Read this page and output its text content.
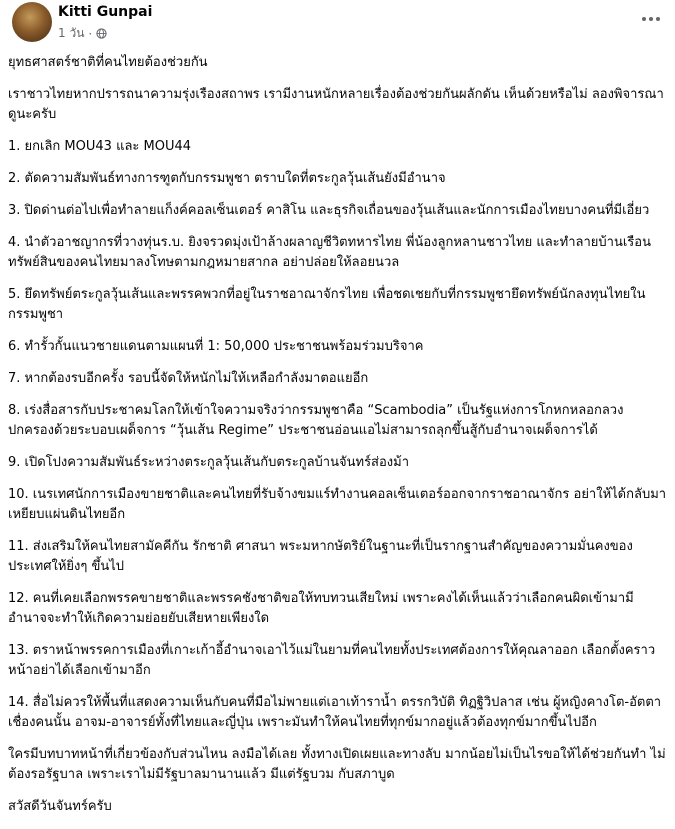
Kitti Gunpai
1 วัน ·

ยุทธศาสตร์ชาติที่คนไทยต้องช่วยกัน

เราชาวไทยหากปรารถนาความรุ่งเรืองสถาพร เรามีงานหนักหลายเรื่องต้องช่วยกันผลักดัน เห็นด้วยหรือไม่ ลองพิจารณาดูนะครับ

1. ยกเลิก MOU43 และ MOU44

2. ตัดความสัมพันธ์ทางการฑูตกับกรรมพูชา ตราบใดที่ตระกูลวุ้นเส้นยังมีอำนาจ

3. ปิดด่านต่อไปเพื่อทำลายแก็งค์คอลเซ็นเตอร์ คาสิโน และธุรกิจเถื่อนของวุ้นเส้นและนักการเมืองไทยบางคนที่มีเอี่ยว

4. นำตัวอาชญากรที่วางทุ่นร.บ. ยิงจรวดมุ่งเป้าล้างผลาญชีวิตทหารไทย พี่น้องลูกหลานชาวไทย และทำลายบ้านเรือนทรัพย์สินของคนไทยมาลงโทษตามกฎหมายสากล อย่าปล่อยให้ลอยนวล

5. ยึดทรัพย์ตระกูลวุ้นเส้นและพรรคพวกที่อยู่ในราชอาณาจักรไทย เพื่อชดเชยกับที่กรรมพูชายึดทรัพย์นักลงทุนไทยในกรรมพูชา

6. ทำรั้วกั้นแนวชายแดนตามแผนที่ 1: 50,000 ประชาชนพร้อมร่วมบริจาค

7. หากต้องรบอีกครั้ง รอบนี้จัดให้หนักไม่ให้เหลือกำลังมาตอแยอีก

8. เร่งสื่อสารกับประชาคมโลกให้เข้าใจความจริงว่ากรรมพูชาคือ “Scambodia” เป็นรัฐแห่งการโกหกหลอกลวง ปกครองด้วยระบอบเผด็จการ “วุ้นเส้น Regime” ประชาชนอ่อนแอไม่สามารถลุกขึ้นสู้กับอำนาจเผด็จการได้

9. เปิดโปงความสัมพันธ์ระหว่างตระกูลวุ้นเส้นกับตระกูลบ้านจันทร์ส่องม้า

10. เนรเทศนักการเมืองขายชาติและคนไทยที่รับจ้างขมแร์ทำงานคอลเซ็นเตอร์ออกจากราชอาณาจักร อย่าให้ได้กลับมาเหยียบแผ่นดินไทยอีก

11. ส่งเสริมให้คนไทยสามัคคีกัน รักชาติ ศาสนา พระมหากษัตริย์ในฐานะที่เป็นรากฐานสำคัญของความมั่นคงของประเทศให้ยิ่งๆ ขึ้นไป

12. คนที่เคยเลือกพรรคขายชาติและพรรคชังชาติขอให้ทบทวนเสียใหม่ เพราะคงได้เห็นแล้วว่าเลือกคนผิดเข้ามามีอำนาจจะทำให้เกิดความย่อยยับเสียหายเพียงใด

13. ตราหน้าพรรคการเมืองที่เกาะเก้าอี้อำนาจเอาไว้แม่ในยามที่คนไทยทั้งประเทศต้องการให้คุณลาออก เลือกตั้งคราวหน้าอย่าได้เลือกเข้ามาอีก

14. สื่อไม่ควรให้พื้นที่แสดงความเห็นกับคนที่มือไม่พายแต่เอาเท้าราน้ำ ตรรกวิบัติ ทิฏฐิวิปลาส เช่น ผู้หญิงคางโต-อัตตาเชื่องคนนั้น อาจม-อาจารย์ทั้งที่ไทยและญี่ปุ่น เพราะมันทำให้คนไทยที่ทุกข์มากอยู่แล้วต้องทุกข์มากขึ้นไปอีก

ใครมีบทบาทหน้าที่เกี่ยวข้องกับส่วนไหน ลงมือได้เลย ทั้งทางเปิดเผยและทางลับ มากน้อยไม่เป็นไรขอให้ได้ช่วยกันทำ ไม่ต้องรอรัฐบาล เพราะเราไม่มีรัฐบาลมานานแล้ว มีแต่รัฐบวม กับสภาบูด

สวัสดีวันจันทร์ครับ
